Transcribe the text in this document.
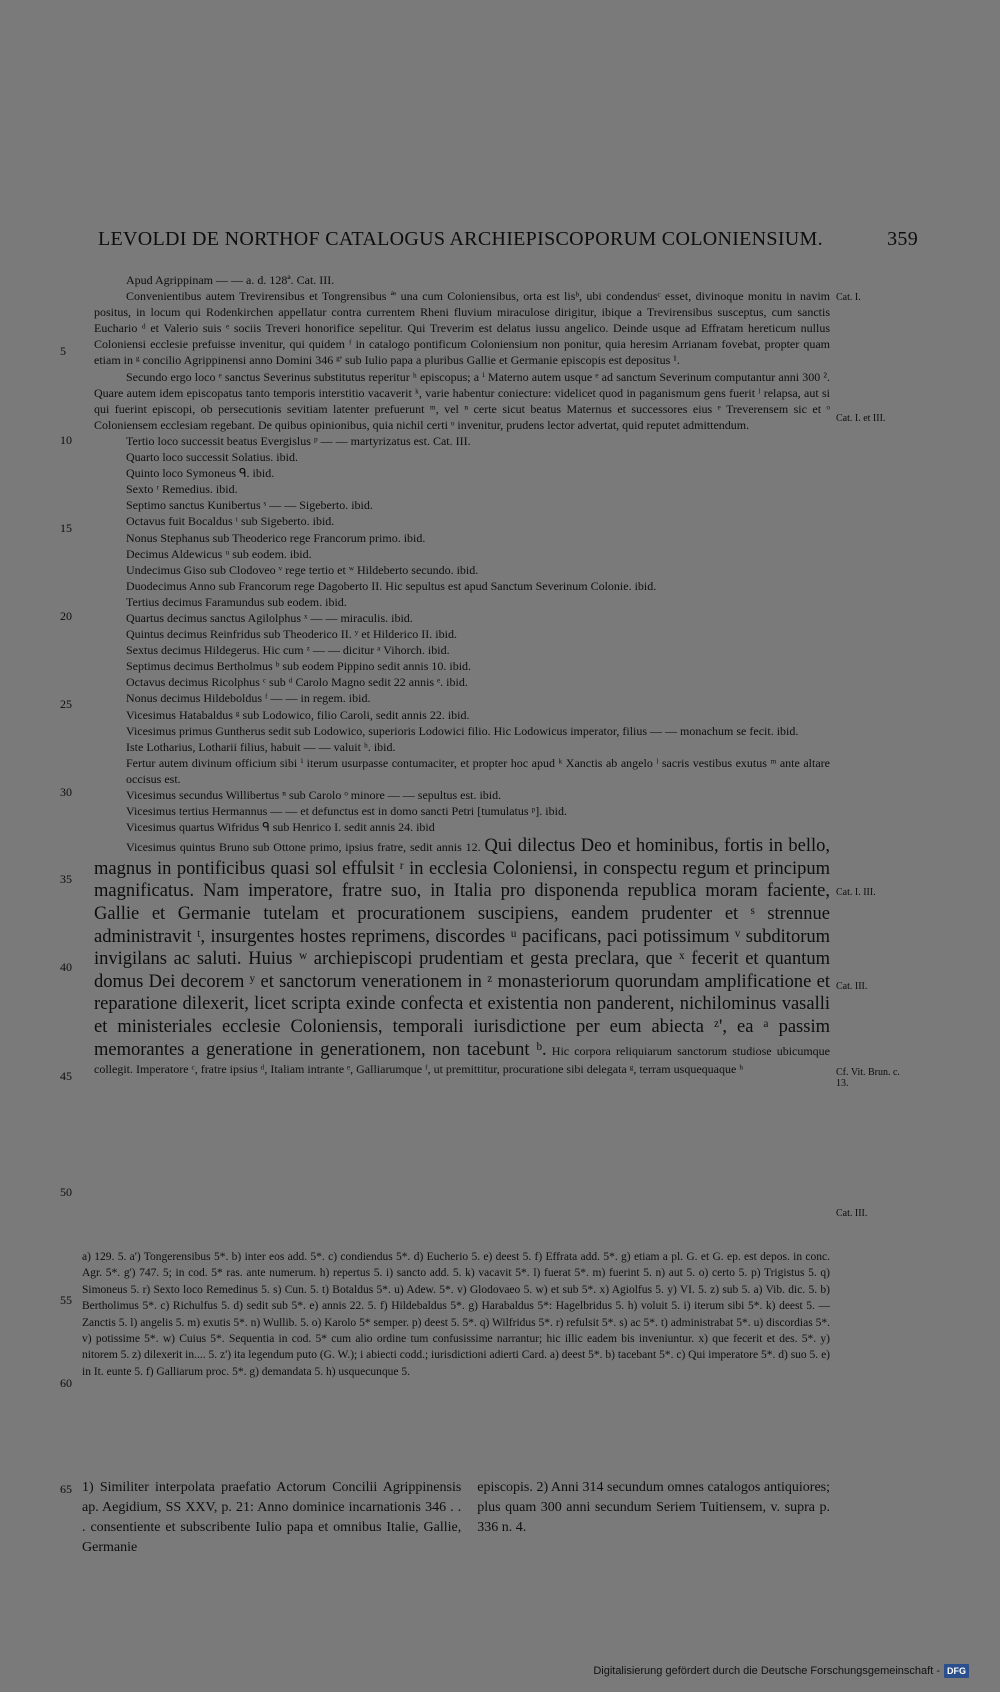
LEVOLDI DE NORTHOF CATALOGUS ARCHIEPISCOPORUM COLONIENSIUM.	359

Apud Agrippinam — — a. d. 128ª. Cat. III.

Convenientibus autem Trevirensibus et Tongrensibus ª' una cum Coloniensibus, orta est lisᵇ, ubi condendusᶜ esset, divinoque monitu in navim positus, in locum qui Rodenkirchen appellatur contra currentem Rheni fluvium miraculose dirigitur, ibique a Trevirensibus susceptus, cum sanctis Euchario ᵈ et Valerio suis ᵉ sociis Treveri honorifice sepelitur. Qui Treverim est delatus iussu angelico. Deinde usque ad Effratam hereticum nullus Coloniensi ecclesie prefuisse invenitur, qui quidem ᶠ in catalogo pontificum Coloniensium non ponitur, quia heresim Arrianam fovebat, propter quam etiam in ᵍ concilio Agrippinensi anno Domini 346 ᵍ' sub Iulio papa a pluribus Gallie et Germanie episcopis est depositus ¹.

Secundo ergo loco ᵉ sanctus Severinus substitutus reperitur ʰ episcopus; a ⁱ Materno autem usque ᵉ ad sanctum Severinum computantur anni 300 ². Quare autem idem episcopatus tanto temporis interstitio vacaverit ᵏ, varie habentur coniecture: videlicet quod in paganismum gens fuerit ˡ relapsa, aut si qui fuerint episcopi, ob persecutionis sevitiam latenter prefuerunt ᵐ, vel ⁿ certe sicut beatus Maternus et successores eius ᵉ Treverensem sic et ᵒ Coloniensem ecclesiam regebant. De quibus opinionibus, quia nichil certi ᵒ invenitur, prudens lector advertat, quid reputet admittendum.

Tertio loco successit beatus Evergislus ᵖ — — martyrizatus est. Cat. III.

Quarto loco successit Solatius. ibid.

Quinto loco Symoneus ᑫ. ibid.

Sexto ʳ Remedius. ibid.

Septimo sanctus Kunibertus ˢ — — Sigeberto. ibid.

Octavus fuit Bocaldus ᵗ sub Sigeberto. ibid.

Nonus Stephanus sub Theoderico rege Francorum primo. ibid.

Decimus Aldewicus ᵘ sub eodem. ibid.

Undecimus Giso sub Clodoveo ᵛ rege tertio et ʷ Hildeberto secundo. ibid.

Duodecimus Anno sub Francorum rege Dagoberto II. Hic sepultus est apud Sanctum Severinum Colonie. ibid.

Tertius decimus Faramundus sub eodem. ibid.

Quartus decimus sanctus Agilolphus ˣ — — miraculis. ibid.

Quintus decimus Reinfridus sub Theoderico II. ʸ et Hilderico II. ibid.

Sextus decimus Hildegerus. Hic cum ᶻ — — dicitur ᵃ Vihorch. ibid.

Septimus decimus Bertholmus ᵇ sub eodem Pippino sedit annis 10. ibid.

Octavus decimus Ricolphus ᶜ sub ᵈ Carolo Magno sedit 22 annis ᵉ. ibid.

Nonus decimus Hildeboldus ᶠ — — in regem. ibid.

Vicesimus Hatabaldus ᵍ sub Lodowico, filio Caroli, sedit annis 22. ibid.

Vicesimus primus Guntherus sedit sub Lodowico, superioris Lodowici filio. Hic Lodowicus imperator, filius — — monachum se fecit. ibid.

Iste Lotharius, Lotharii filius, habuit — — valuit ʰ. ibid.

Fertur autem divinum officium sibi ⁱ iterum usurpasse contumaciter, et propter hoc apud ᵏ Xanctis ab angelo ˡ sacris vestibus exutus ᵐ ante altare occisus est.

Vicesimus secundus Willibertus ⁿ sub Carolo ᵒ minore — — sepultus est. ibid.

Vicesimus tertius Hermannus — — et defunctus est in domo sancti Petri [tumulatus ᵖ]. ibid.

Vicesimus quartus Wifridus ᑫ sub Henrico I. sedit annis 24. ibid

Vicesimus quintus Bruno sub Ottone primo, ipsius fratre, sedit annis 12. Qui dilectus Deo et hominibus, fortis in bello, magnus in pontificibus quasi sol effulsit ʳ in ecclesia Coloniensi, in conspectu regum et principum magnificatus. Nam imperatore, fratre suo, in Italia pro disponenda republica moram faciente, Gallie et Germanie tutelam et procurationem suscipiens, eandem prudenter et ˢ strennue administravit ᵗ, insurgentes hostes reprimens, discordes ᵘ pacificans, paci potissimum ᵛ subditorum invigilans ac saluti. Huius ʷ archiepiscopi prudentiam et gesta preclara, que ˣ fecerit et quantum domus Dei decorem ʸ et sanctorum venerationem in ᶻ monasteriorum quorundam amplificatione et reparatione dilexerit, licet scripta exinde confecta et existentia non panderent, nichilominus vasalli et ministeriales ecclesie Coloniensis, temporali iurisdictione per eum abiecta ᶻ', ea ᵃ passim memorantes a generatione in generationem, non tacebunt ᵇ. Hic corpora reliquiarum sanctorum studiose ubicumque collegit. Imperatore ᶜ, fratre ipsius ᵈ, Italiam intrante ᵉ, Galliarumque ᶠ, ut premittitur, procuratione sibi delegata ᵍ, terram usquequaque ʰ

5
10
15
20
25
30
35
40
45
50
55
60
65
Cat. I.
Cat. I. et III.
Cat. I. III.
Cat. III.
Cf. Vit. Brun. c. 13.
Cat. III.

a) 129. 5. a') Tongerensibus 5*. b) inter eos add. 5*. c) condiendus 5*. d) Eucherio 5. e) deest 5. f) Effrata add. 5*. g) etiam a pl. G. et G. ep. est depos. in conc. Agr. 5*. g') 747. 5; in cod. 5* ras. ante numerum. h) repertus 5. i) sancto add. 5. k) vacavit 5*. l) fuerat 5*. m) fuerint 5. n) aut 5. o) certo 5. p) Trigistus 5. q) Simoneus 5. r) Sexto loco Remedinus 5. s) Cun. 5. t) Botaldus 5*. u) Adew. 5*. v) Glodovaeo 5. w) et sub 5*. x) Agiolfus 5. y) VI. 5. z) sub 5. a) Vib. dic. 5. b) Bertholimus 5*. c) Richulfus 5. d) sedit sub 5*. e) annis 22. 5. f) Hildebaldus 5*. g) Harabaldus 5*: Hagelbridus 5. h) voluit 5. i) iterum sibi 5*. k) deest 5. — Zanctis 5. l) angelis 5. m) exutis 5*. n) Wullib. 5. o) Karolo 5* semper. p) deest 5. 5*. q) Wilfridus 5*. r) refulsit 5*. s) ac 5*. t) administrabat 5*. u) discordias 5*. v) potissime 5*. w) Cuius 5*. Sequentia in cod. 5* cum alio ordine tum confusissime narrantur; hic illic eadem bis inveniuntur. x) que fecerit et des. 5*. y) nitorem 5. z) dilexerit in.... 5. z') ita legendum puto (G. W.); i abiecti codd.; iurisdictioni adierti Card. a) deest 5*. b) tacebant 5*. c) Qui imperatore 5*. d) suo 5. e) in It. eunte 5. f) Galliarum proc. 5*. g) demandata 5. h) usquecunque 5.

1) Similiter interpolata praefatio Actorum Concilii Agrippinensis ap. Aegidium, SS XXV, p. 21: Anno dominice incarnationis 346 . . . consentiente et subscribente Iulio papa et omnibus Italie, Gallie, Germanie
episcopis. 2) Anni 314 secundum omnes catalogos antiquiores; plus quam 300 anni secundum Seriem Tuitiensem, v. supra p. 336 n. 4.
Digitalisierung gefördert durch die Deutsche Forschungsgemeinschaft - DFG
